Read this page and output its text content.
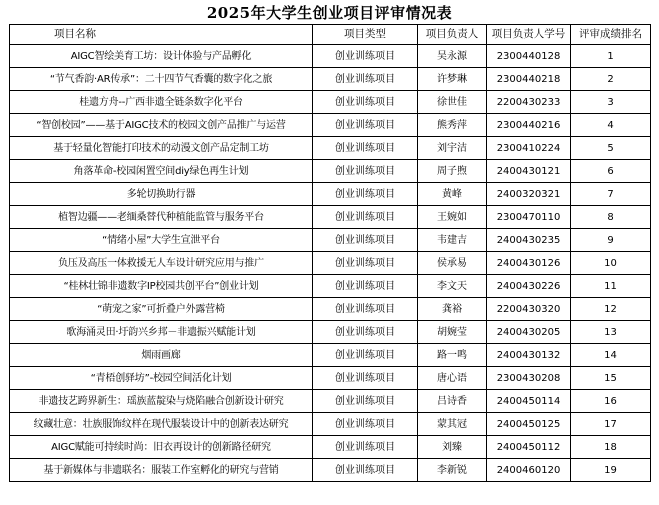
2025年大学生创业项目评审情况表
项目名称	项目类型	项目负责人	项目负责人学号	评审成绩排名
AIGC智绘美育工坊：设计体验与产品孵化	创业训练项目	吴永源	2300440128	1
“节气香韵·AR传承”：二十四节气香囊的数字化之旅	创业训练项目	许梦琳	2300440218	2
桂遗方舟--广西非遗全链条数字化平台	创业训练项目	徐世佳	2200430233	3
“智创校园”——基于AIGC技术的校园文创产品推广与运营	创业训练项目	熊秀萍	2300440216	4
基于轻量化智能打印技术的动漫文创产品定制工坊	创业训练项目	刘宇洁	2300410224	5
角落革命-校园闲置空间diy绿色再生计划	创业训练项目	周子煦	2400430121	6
多轮切换助行器	创业训练项目	黄峰	2400320321	7
植智边疆——老缅桑替代种植能监管与服务平台	创业训练项目	王婉如	2300470110	8
“情绪小屋”大学生宣泄平台	创业训练项目	韦建吉	2400430235	9
负压及高压一体救援无人车设计研究应用与推广	创业训练项目	侯承易	2400430126	10
“桂林壮锦非遗数字IP校园共创平台”创业计划	创业训练项目	李文天	2400430226	11
“萌宠之家”可折叠户外露营椅	创业训练项目	龚裕	2200430320	12
歌海涌灵田·圩韵兴乡邦－非遗振兴赋能计划	创业训练项目	胡婉莹	2400430205	13
烟雨画廊	创业训练项目	路一鸣	2400430132	14
“青梧创驿坊”-校园空间活化计划	创业训练项目	唐心语	2300430208	15
非遗技艺跨界新生：瑶族蓝靛染与烧陷融合创新设计研究	创业训练项目	吕诗香	2400450114	16
纹藏壮意：壮族服饰纹样在现代服装设计中的创新表达研究	创业训练项目	蒙其冠	2400450125	17
AIGC赋能可持续时尚：旧衣再设计的创新路径研究	创业训练项目	刘臻	2400450112	18
基于新媒体与非遗联名：服装工作室孵化的研究与营销	创业训练项目	李新锐	2400460120	19
